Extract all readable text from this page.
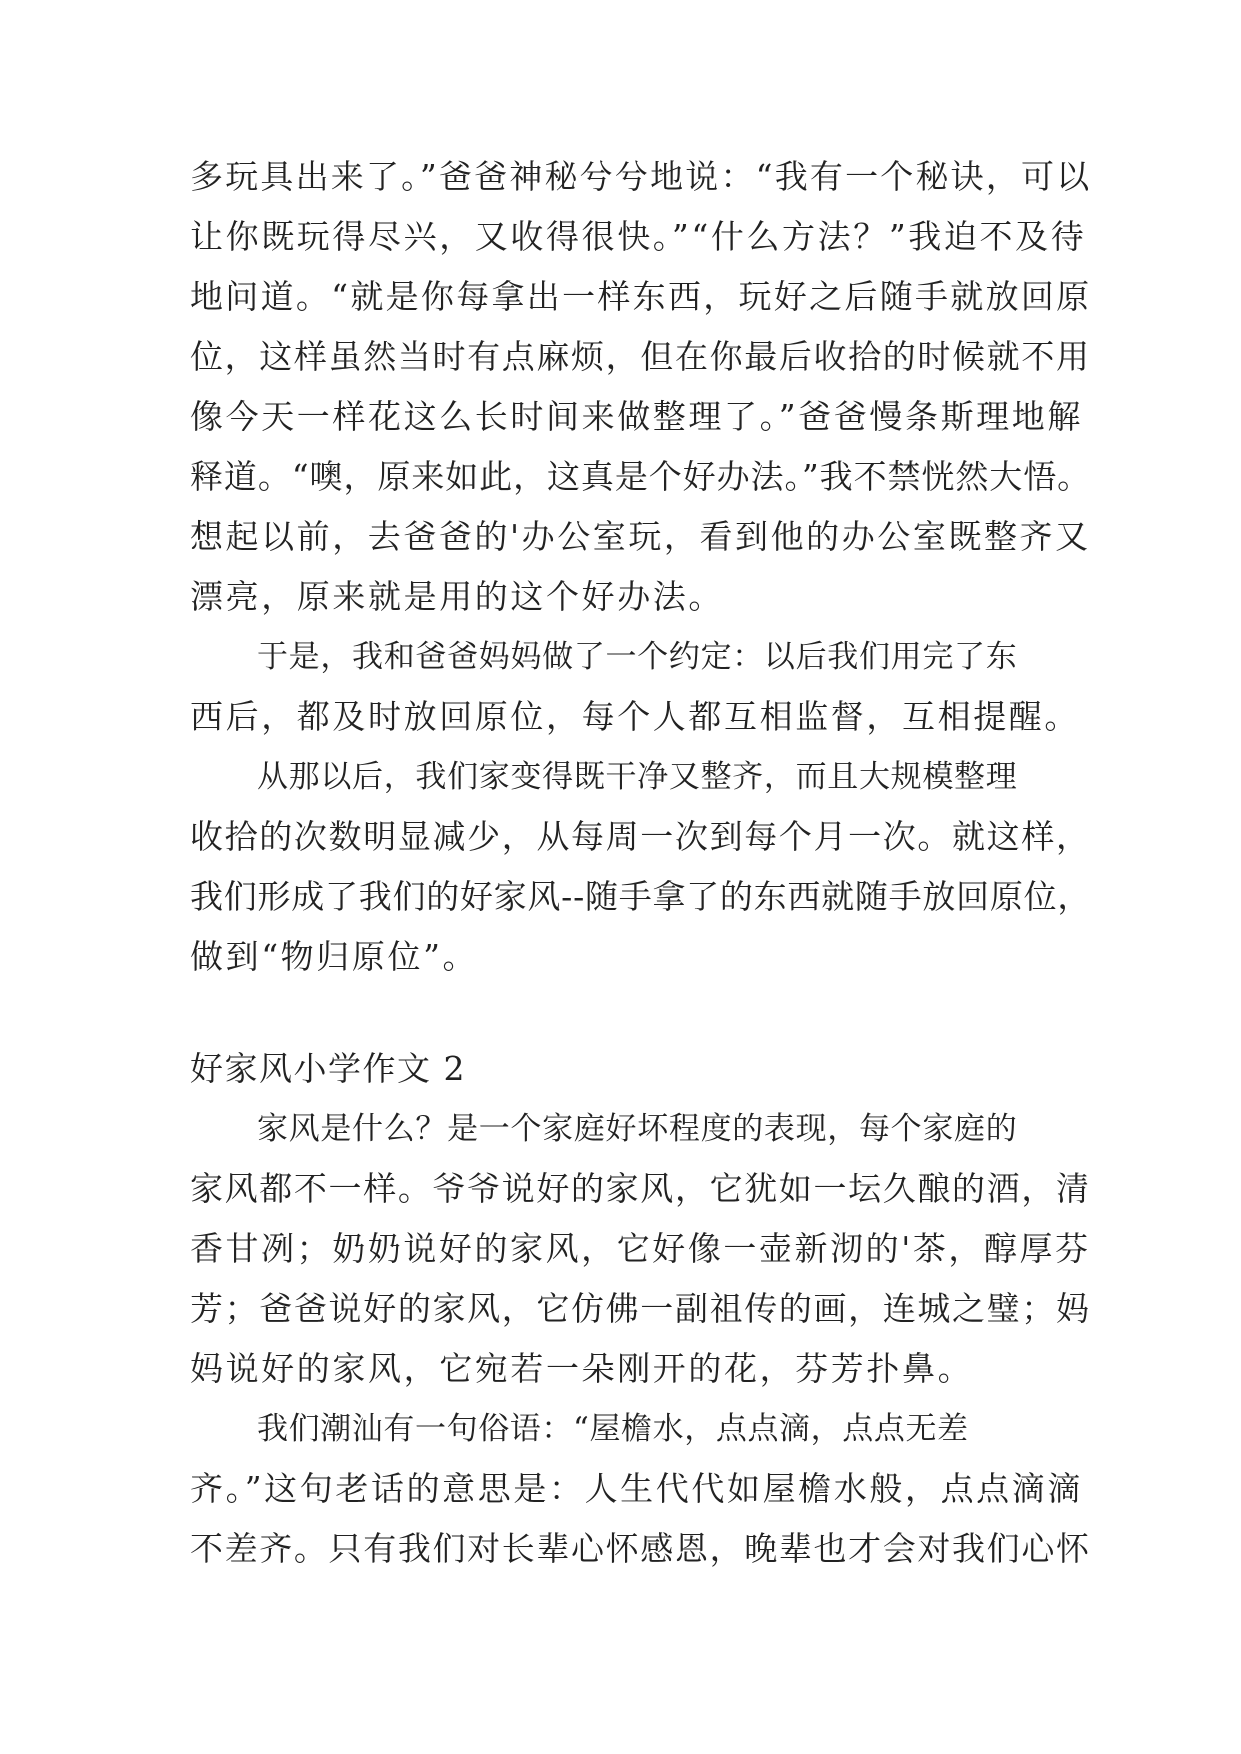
多玩具出来了。”爸爸神秘兮兮地说：“我有一个秘诀，可以
让你既玩得尽兴，又收得很快。”“什么方法？”我迫不及待
地问道。“就是你每拿出一样东西，玩好之后随手就放回原
位，这样虽然当时有点麻烦，但在你最后收拾的时候就不用
像今天一样花这么长时间来做整理了。”爸爸慢条斯理地解
释道。“噢，原来如此，这真是个好办法。”我不禁恍然大悟。
想起以前，去爸爸的'办公室玩，看到他的办公室既整齐又
漂亮，原来就是用的这个好办法。
于是，我和爸爸妈妈做了一个约定：以后我们用完了东
西后，都及时放回原位，每个人都互相监督，互相提醒。
从那以后，我们家变得既干净又整齐，而且大规模整理
收拾的次数明显减少，从每周一次到每个月一次。就这样，
我们形成了我们的好家风--随手拿了的东西就随手放回原位，
做到“物归原位”。
好家风小学作文 2
家风是什么？是一个家庭好坏程度的表现，每个家庭的
家风都不一样。爷爷说好的家风，它犹如一坛久酿的酒，清
香甘冽；奶奶说好的家风，它好像一壶新沏的'茶，醇厚芬
芳；爸爸说好的家风，它仿佛一副祖传的画，连城之璧；妈
妈说好的家风，它宛若一朵刚开的花，芬芳扑鼻。
我们潮汕有一句俗语：“屋檐水，点点滴，点点无差
齐。”这句老话的意思是：人生代代如屋檐水般，点点滴滴
不差齐。只有我们对长辈心怀感恩，晚辈也才会对我们心怀
